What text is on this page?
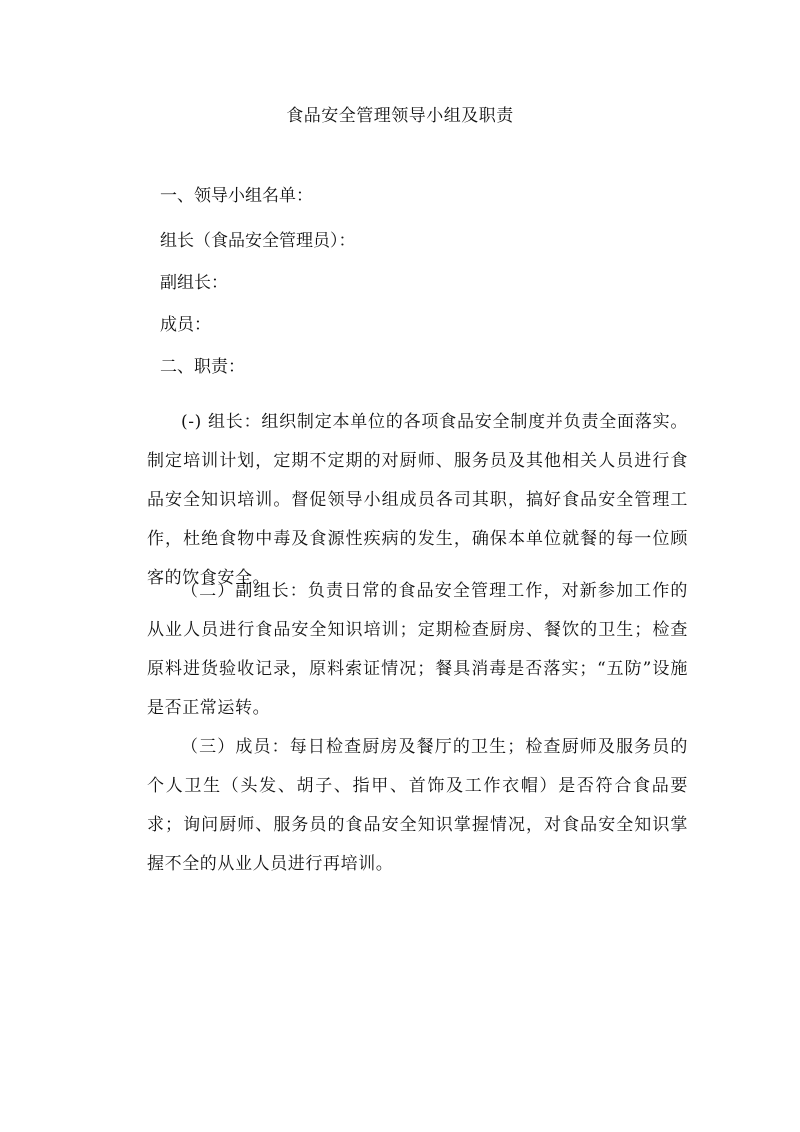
食品安全管理领导小组及职责

一、领导小组名单：

组长（食品安全管理员）：

副组长：

成员：

二、职责：

(-) 组长：组织制定本单位的各项食品安全制度并负责全面落实。制定培训计划，定期不定期的对厨师、服务员及其他相关人员进行食品安全知识培训。督促领导小组成员各司其职，搞好食品安全管理工作，杜绝食物中毒及食源性疾病的发生，确保本单位就餐的每一位顾客的饮食安全。

（二）副组长：负责日常的食品安全管理工作，对新参加工作的从业人员进行食品安全知识培训；定期检查厨房、餐饮的卫生；检查原料进货验收记录，原料索证情况；餐具消毒是否落实；“五防”设施是否正常运转。

（三）成员：每日检查厨房及餐厅的卫生；检查厨师及服务员的个人卫生（头发、胡子、指甲、首饰及工作衣帽）是否符合食品要求；询问厨师、服务员的食品安全知识掌握情况，对食品安全知识掌握不全的从业人员进行再培训。
